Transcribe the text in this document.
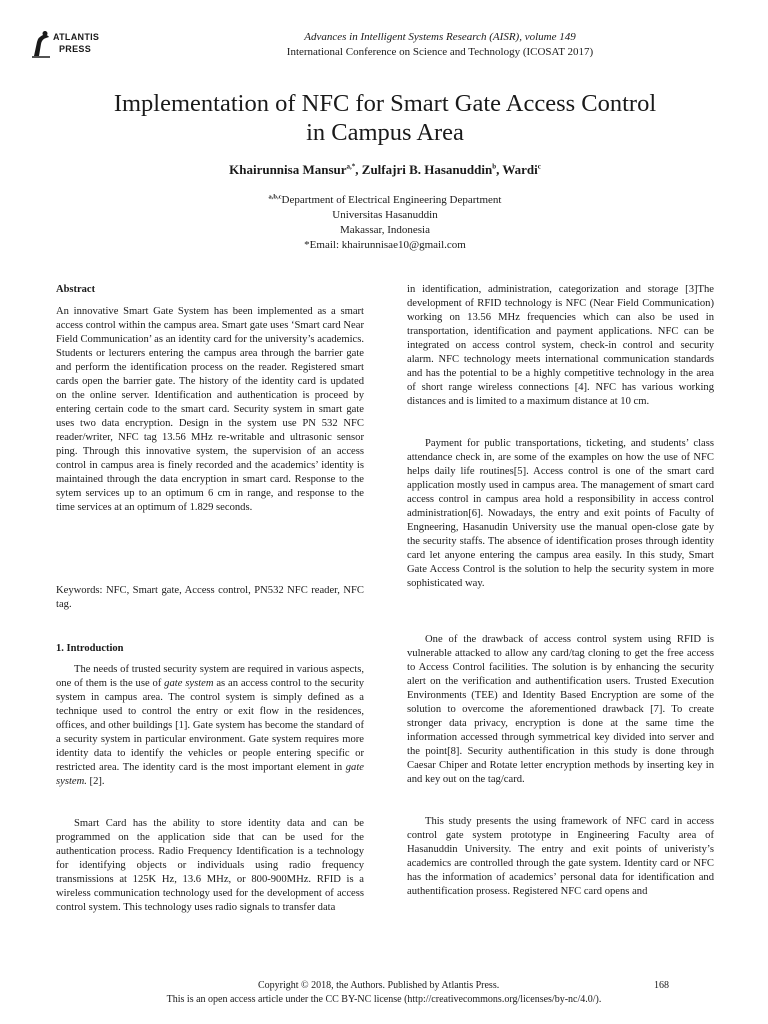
ATLANTIS
PRESS
Advances in Intelligent Systems Research (AISR), volume 149
International Conference on Science and Technology (ICOSAT 2017)
Implementation of NFC for Smart Gate Access Control
in Campus Area
Khairunnisa Mansur$^{a,*}$, Zulfajri B. Hasanuddin$^b$, Wardi$^c$
$^{a,b,c}$Department of Electrical Engineering Department
Universitas Hasanuddin
Makassar, Indonesia
*Email: khairunnisae10@gmail.com
Abstract
An innovative Smart Gate System has been implemented as a smart access control within the campus area. Smart gate uses ‘Smart card Near Field Communication’ as an identity card for the university’s academics. Students or lecturers entering the campus area through the barrier gate and perform the identification process on the reader. Registered smart cards open the barrier gate. The history of the identity card is updated on the online server. Identification and authentication is proceed by entering certain code to the smart card. Security system in smart gate uses two data encryption. Design in the system use PN 532 NFC reader/writer, NFC tag 13.56 MHz re-writable and ultrasonic sensor ping. Through this innovative system, the supervision of an access control in campus area is finely recorded and the academics’ identity is maintained through the data encryption in smart card. Response to the sytem services up to an optimum 6 cm in range, and response to the time services at an optimum of 1.829 seconds.
Keywords: NFC, Smart gate, Access control, PN532 NFC reader, NFC tag.
1. Introduction

The needs of trusted security system are required in various aspects, one of them is the use of gate system as an access control to the security system in campus area. The control system is simply defined as a technique used to control the entry or exit flow in the residences, offices, and other buildings [1]. Gate system has become the standard of a security system in particular environment. Gate system requires more identity data to identify the vehicles or people entering specific or restricted area. The identity card is the most important element in gate system. [2].

Smart Card has the ability to store identity data and can be programmed on the application side that can be used for the authentication process. Radio Frequency Identification is a technology for identifying objects or individuals using radio frequency transmissions at 125K Hz, 13.6 MHz, or 800-900MHz. RFID is a wireless communication technology used for the development of access control system. This technology uses radio signals to transfer data

in identification, administration, categorization and storage [3]The development of RFID technology is NFC (Near Field Communication) working on 13.56 MHz frequencies which can also be used in transportation, identification and payment applications. NFC can be integrated on access control system, check-in control and security alarm. NFC technology meets international communication standards and has the potential to be a highly competitive technology in the area of short range wireless connections [4]. NFC has various working distances and is limited to a maximum distance at 10 cm.

Payment for public transportations, ticketing, and students’ class attendance check in, are some of the examples on how the use of NFC helps daily life routines[5]. Access control is one of the smart card application mostly used in campus area. The management of smart card access control in campus area hold a responsibility in access control administration[6]. Nowadays, the entry and exit points of Faculty of Engneering, Hasanudin University use the manual open-close gate by the security staffs. The absence of identification proses through identity card let anyone entering the campus area easily. In this study, Smart Gate Access Control is the solution to help the security system in more sophisticated way.

One of the drawback of access control system using RFID is vulnerable attacked to allow any card/tag cloning to get the free access to Access Control facilities. The solution is by enhancing the security alert on the verification and authentification users. Trusted Execution Environments (TEE) and Identity Based Encryption are some of the solution to overcome the aforementioned drawback [7]. To create stronger data privacy, encryption is done at the same time the information accessed through symmetrical key divided into server and the point[8]. Security authentification in this study is done through Caesar Chiper and Rotate letter encryption methods by inserting key in and key out on the tag/card.

This study presents the using framework of NFC card in access control gate system prototype in Engineering Faculty area of Hasanuddin University. The entry and exit points of univeristy’s academics are controlled through the gate system. Identity card or NFC has the information of academics’ personal data for identification and authentification prosess. Registered NFC card opens and

Copyright © 2018, the Authors. Published by Atlantis Press.	168
This is an open access article under the CC BY-NC license (http://creativecommons.org/licenses/by-nc/4.0/).
